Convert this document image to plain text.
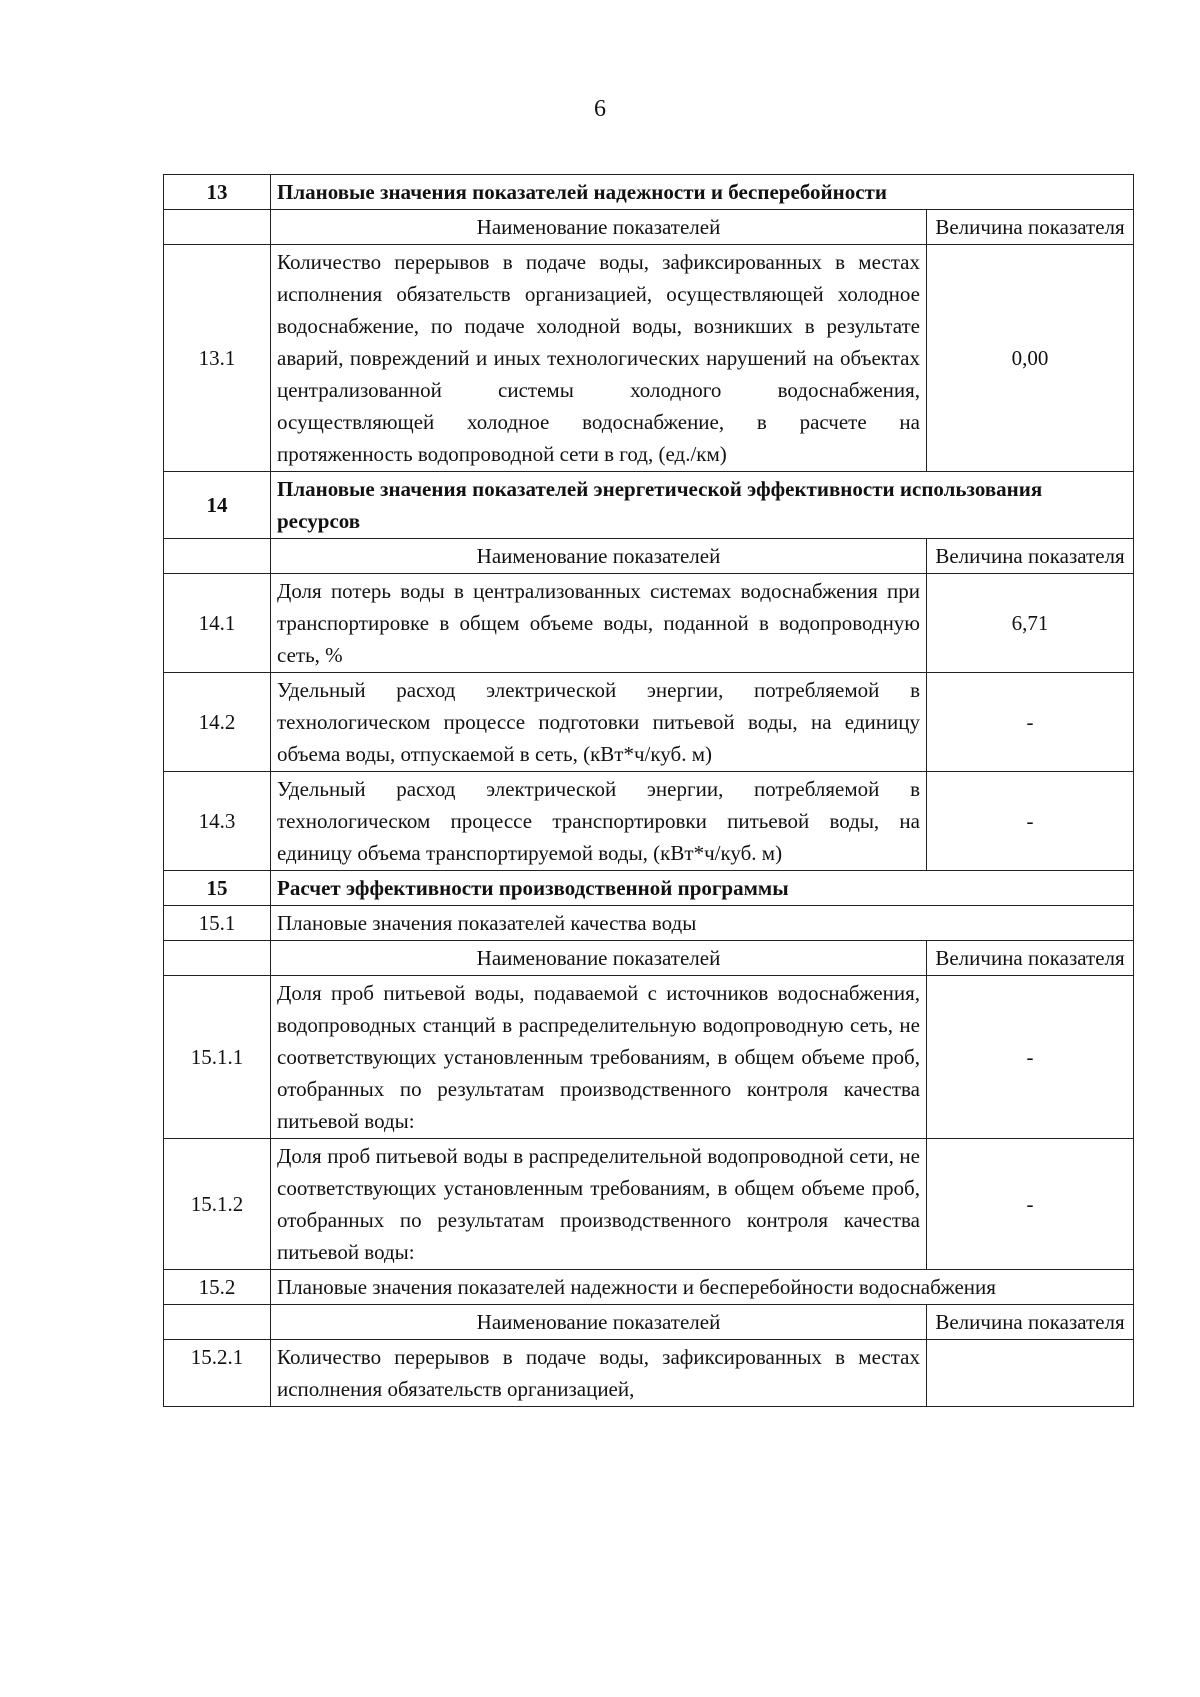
6
13	Плановые значения показателей надежности и бесперебойности	
	Наименование показателей	Величина показателя
13.1	Количество перерывов в подаче воды, зафиксированных в местах исполнения обязательств организацией, осуществляющей холодное водоснабжение, по подаче холодной воды, возникших в результате аварий, повреждений и иных технологических нарушений на объектах централизованной системы холодного водоснабжения, осуществляющей холодное водоснабжение, в расчете на протяженность водопроводной сети в год, (ед./км)	0,00
14	Плановые значения показателей энергетической эффективности использования ресурсов	
	Наименование показателей	Величина показателя
14.1	Доля потерь воды в централизованных системах водоснабжения при транспортировке в общем объеме воды, поданной в водопроводную сеть, %	6,71
14.2	Удельный расход электрической энергии, потребляемой в технологическом процессе подготовки питьевой воды, на единицу объема воды, отпускаемой в сеть, (кВт*ч/куб. м)	-
14.3	Удельный расход электрической энергии, потребляемой в технологическом процессе транспортировки питьевой воды, на единицу объема транспортируемой воды, (кВт*ч/куб. м)	-
15	Расчет эффективности производственной программы	
15.1	Плановые значения показателей качества воды	
	Наименование показателей	Величина показателя
15.1.1	Доля проб питьевой воды, подаваемой с источников водоснабжения, водопроводных станций в распределительную водопроводную сеть, не соответствующих установленным требованиям, в общем объеме проб, отобранных по результатам производственного контроля качества питьевой воды:	-
15.1.2	Доля проб питьевой воды в распределительной водопроводной сети, не соответствующих установленным требованиям, в общем объеме проб, отобранных по результатам производственного контроля качества питьевой воды:	-
15.2	Плановые значения показателей надежности и бесперебойности водоснабжения	
	Наименование показателей	Величина показателя
15.2.1	Количество перерывов в подаче воды, зафиксированных в местах исполнения обязательств организацией,	
